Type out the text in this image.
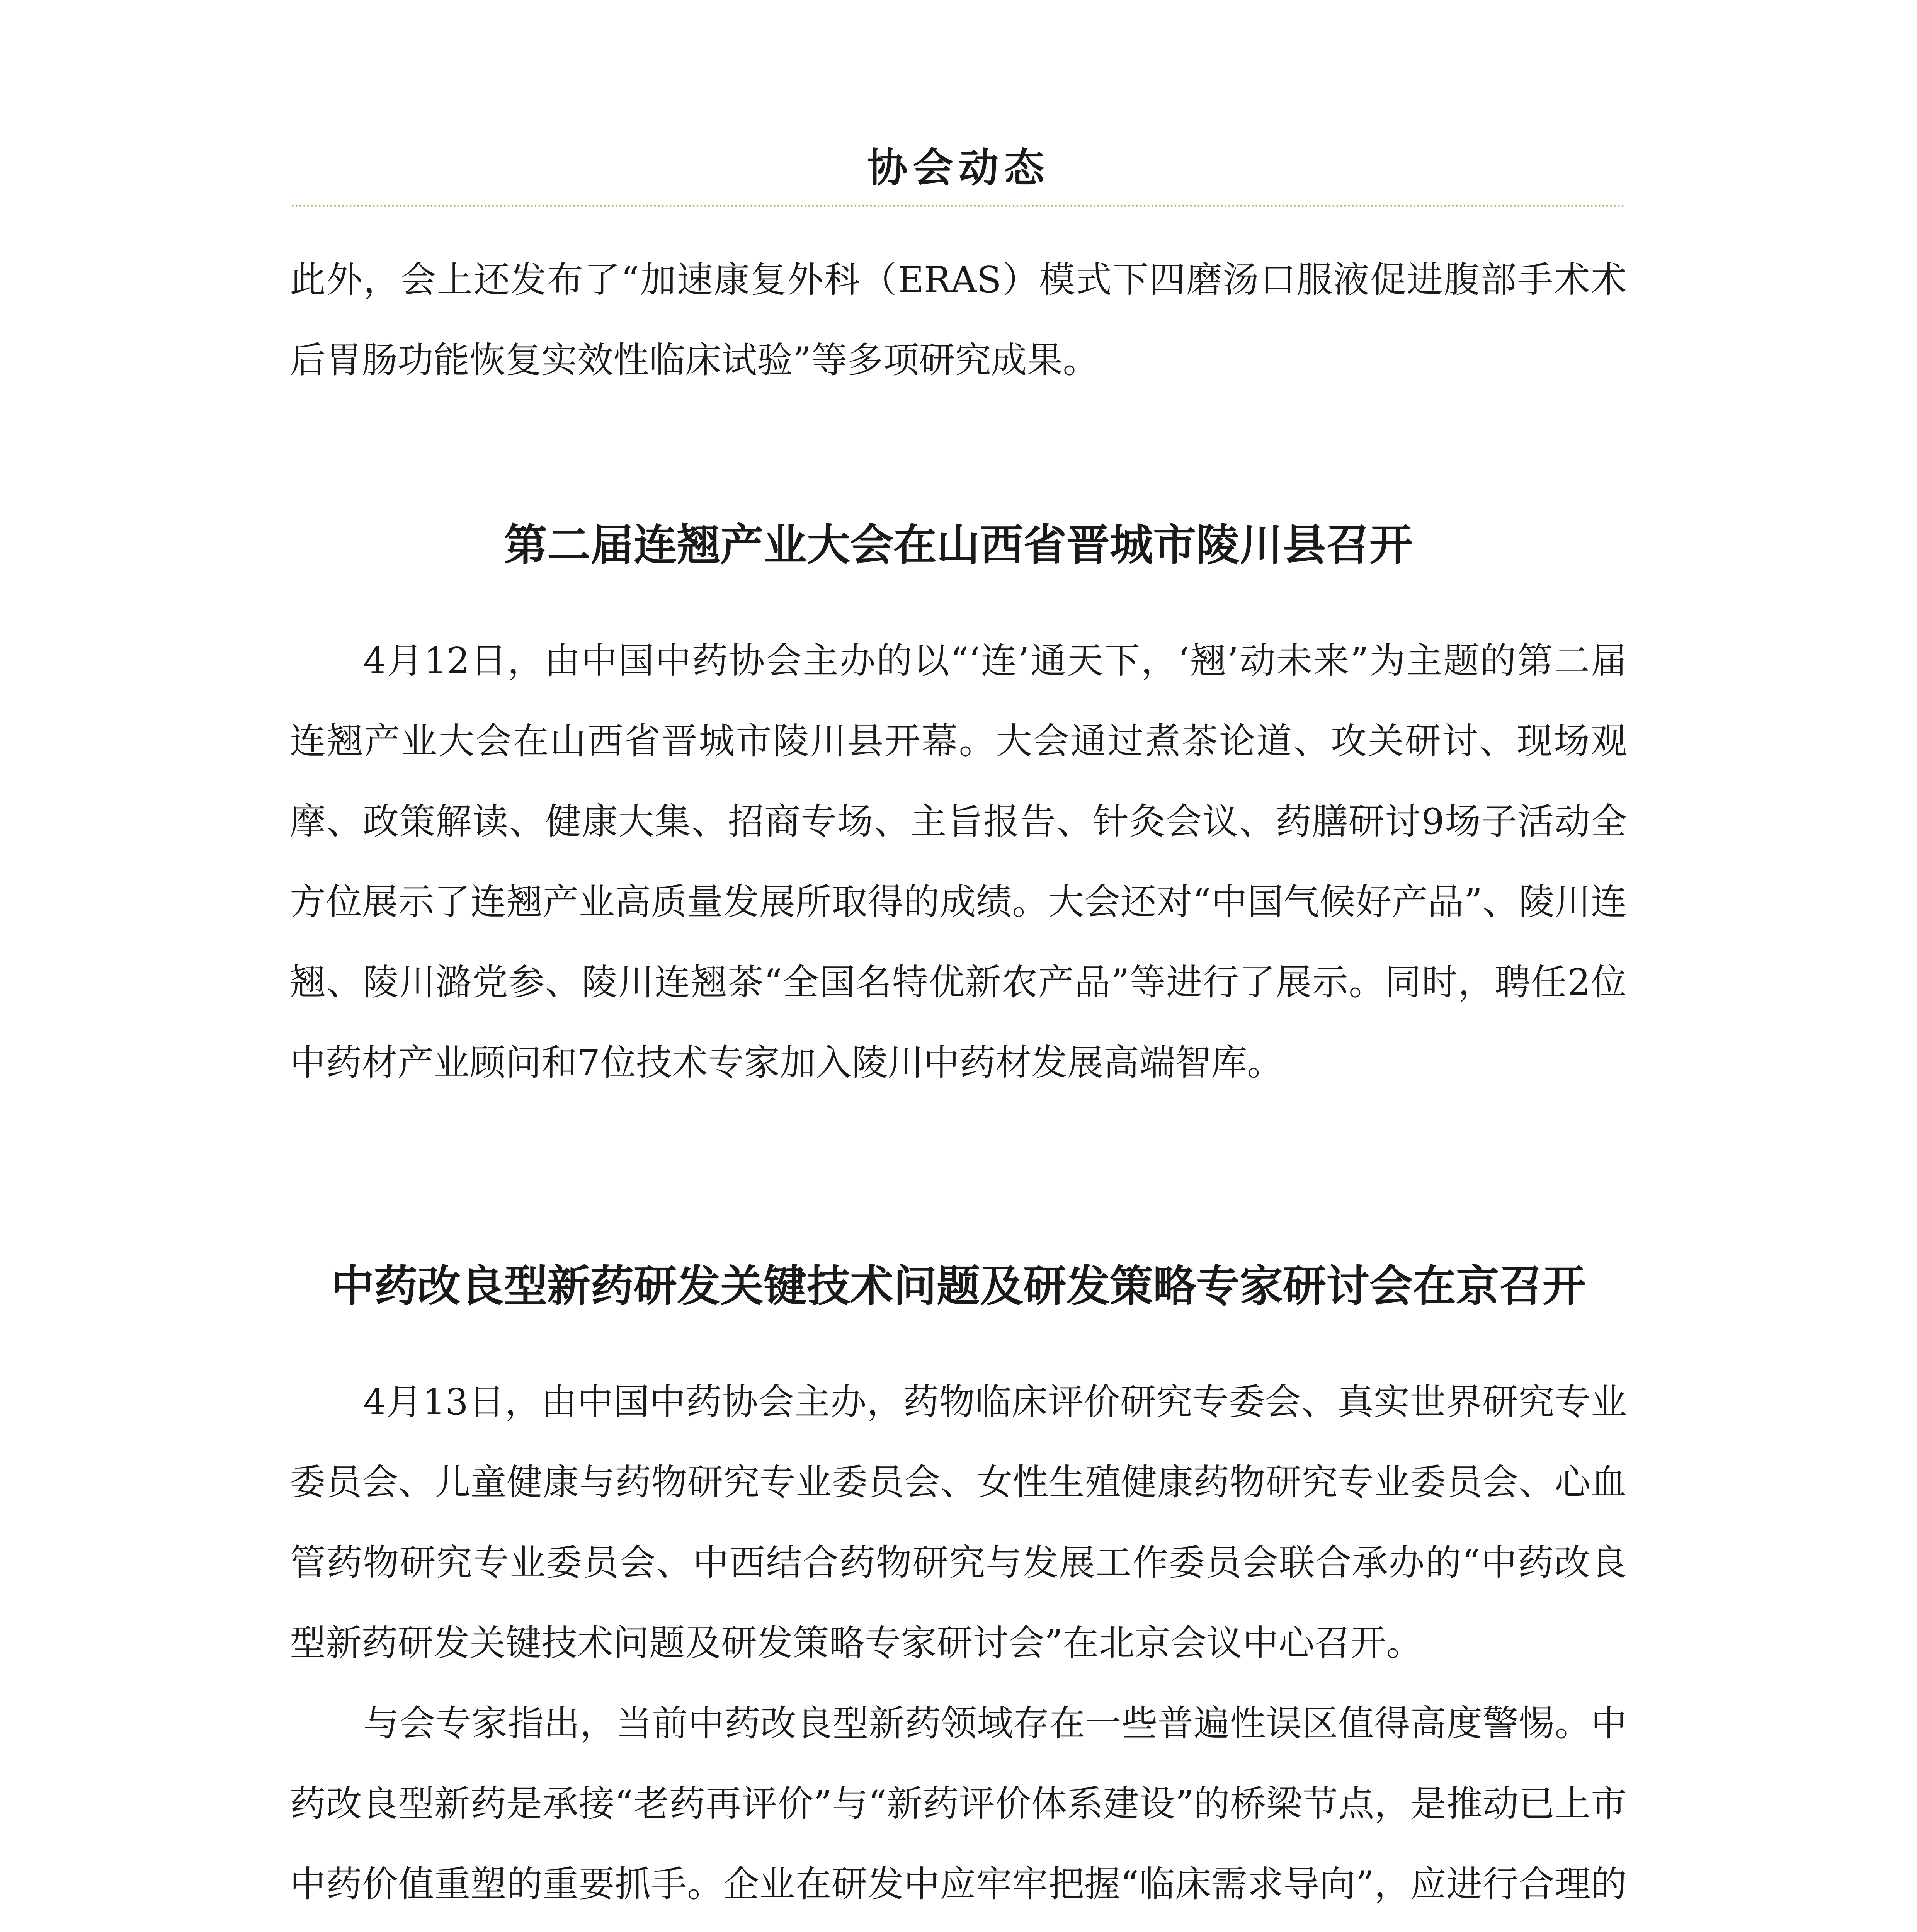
协会动态

此外，会上还发布了“加速康复外科（ERAS）模式下四磨汤口服液促进腹部手术术后胃肠功能恢复实效性临床试验”等多项研究成果。

第二届连翘产业大会在山西省晋城市陵川县召开

4月12日，由中国中药协会主办的以“‘连’通天下，‘翘’动未来”为主题的第二届连翘产业大会在山西省晋城市陵川县开幕。大会通过煮茶论道、攻关研讨、现场观摩、政策解读、健康大集、招商专场、主旨报告、针灸会议、药膳研讨9场子活动全方位展示了连翘产业高质量发展所取得的成绩。大会还对“中国气候好产品”、陵川连翘、陵川潞党参、陵川连翘茶“全国名特优新农产品”等进行了展示。同时，聘任2位中药材产业顾问和7位技术专家加入陵川中药材发展高端智库。

中药改良型新药研发关键技术问题及研发策略专家研讨会在京召开

4月13日，由中国中药协会主办，药物临床评价研究专委会、真实世界研究专业委员会、儿童健康与药物研究专业委员会、女性生殖健康药物研究专业委员会、心血管药物研究专业委员会、中西结合药物研究与发展工作委员会联合承办的“中药改良型新药研发关键技术问题及研发策略专家研讨会”在北京会议中心召开。

与会专家指出，当前中药改良型新药领域存在一些普遍性误区值得高度警惕。中药改良型新药是承接“老药再评价”与“新药评价体系建设”的桥梁节点，是推动已上市中药价值重塑的重要抓手。企业在研发中应牢牢把握“临床需求导向”，应进行合理的
